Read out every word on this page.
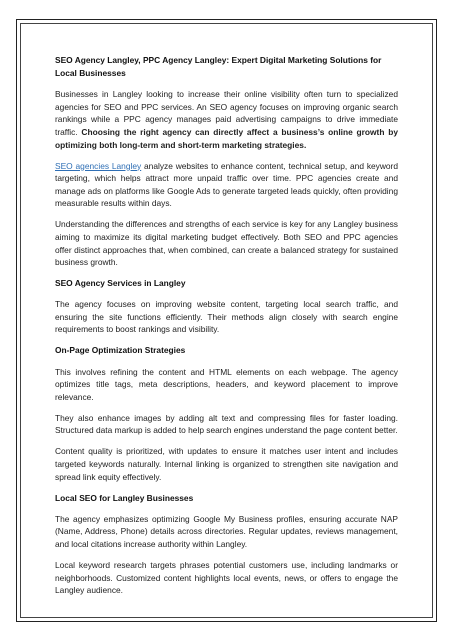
SEO Agency Langley, PPC Agency Langley: Expert Digital Marketing Solutions for Local Businesses

Businesses in Langley looking to increase their online visibility often turn to specialized agencies for SEO and PPC services. An SEO agency focuses on improving organic search rankings while a PPC agency manages paid advertising campaigns to drive immediate traffic. Choosing the right agency can directly affect a business’s online growth by optimizing both long-term and short-term marketing strategies.

SEO agencies Langley analyze websites to enhance content, technical setup, and keyword targeting, which helps attract more unpaid traffic over time. PPC agencies create and manage ads on platforms like Google Ads to generate targeted leads quickly, often providing measurable results within days.

Understanding the differences and strengths of each service is key for any Langley business aiming to maximize its digital marketing budget effectively. Both SEO and PPC agencies offer distinct approaches that, when combined, can create a balanced strategy for sustained business growth.

SEO Agency Services in Langley

The agency focuses on improving website content, targeting local search traffic, and ensuring the site functions efficiently. Their methods align closely with search engine requirements to boost rankings and visibility.

On-Page Optimization Strategies

This involves refining the content and HTML elements on each webpage. The agency optimizes title tags, meta descriptions, headers, and keyword placement to improve relevance.

They also enhance images by adding alt text and compressing files for faster loading. Structured data markup is added to help search engines understand the page content better.

Content quality is prioritized, with updates to ensure it matches user intent and includes targeted keywords naturally. Internal linking is organized to strengthen site navigation and spread link equity effectively.

Local SEO for Langley Businesses

The agency emphasizes optimizing Google My Business profiles, ensuring accurate NAP (Name, Address, Phone) details across directories. Regular updates, reviews management, and local citations increase authority within Langley.

Local keyword research targets phrases potential customers use, including landmarks or neighborhoods. Customized content highlights local events, news, or offers to engage the Langley audience.
